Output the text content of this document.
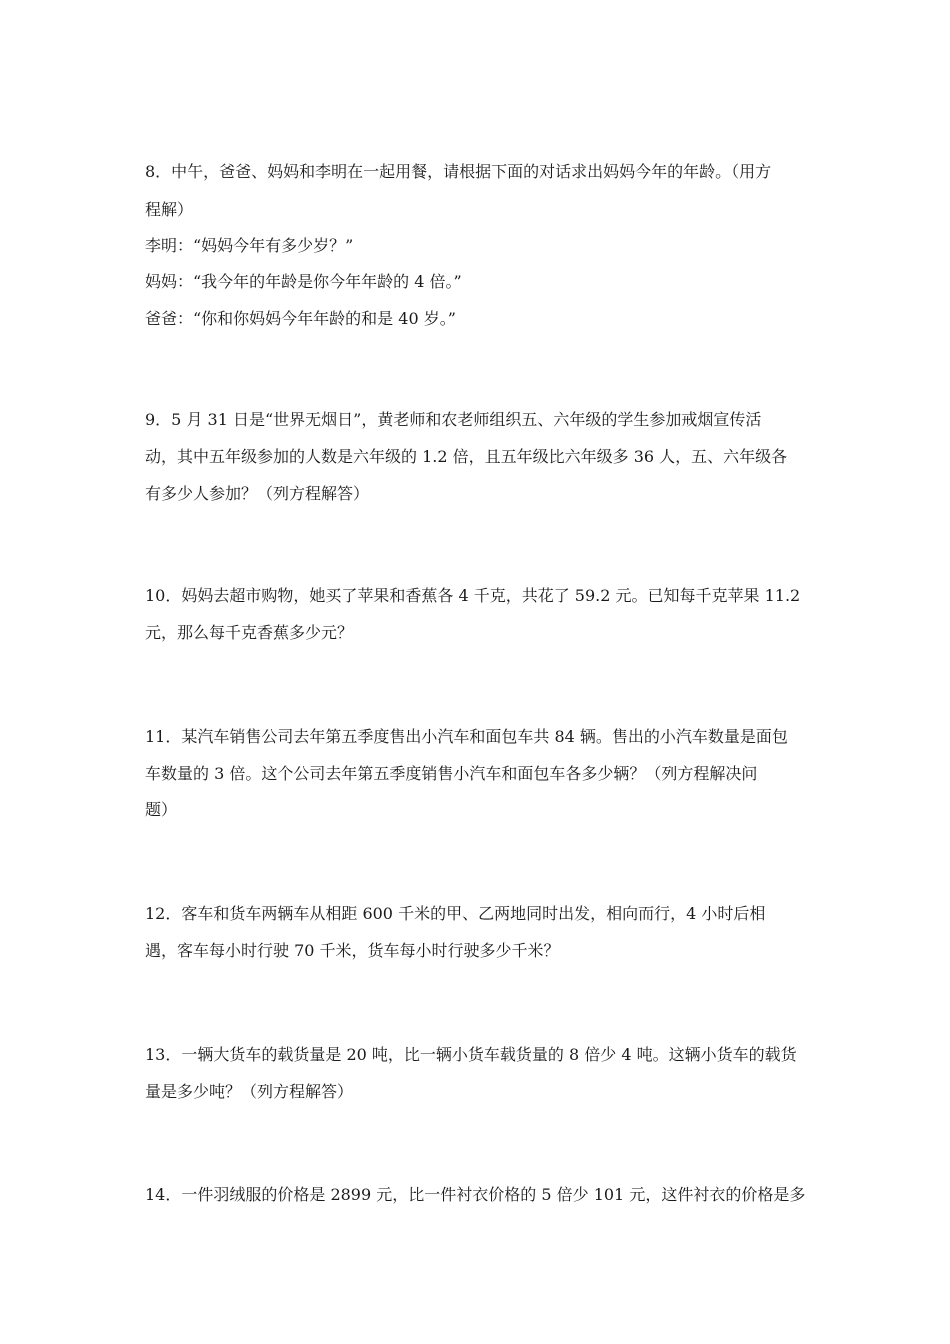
8．中午，爸爸、妈妈和李明在一起用餐，请根据下面的对话求出妈妈今年的年龄。（用方
程解）
李明：“妈妈今年有多少岁？”
妈妈：“我今年的年龄是你今年年龄的 4 倍。”
爸爸：“你和你妈妈今年年龄的和是 40 岁。”
9．5 月 31 日是“世界无烟日”，黄老师和农老师组织五、六年级的学生参加戒烟宣传活
动，其中五年级参加的人数是六年级的 1.2 倍，且五年级比六年级多 36 人，五、六年级各
有多少人参加？（列方程解答）
10．妈妈去超市购物，她买了苹果和香蕉各 4 千克，共花了 59.2 元。已知每千克苹果 11.2
元，那么每千克香蕉多少元？
11．某汽车销售公司去年第五季度售出小汽车和面包车共 84 辆。售出的小汽车数量是面包
车数量的 3 倍。这个公司去年第五季度销售小汽车和面包车各多少辆？（列方程解决问
题）
12．客车和货车两辆车从相距 600 千米的甲、乙两地同时出发，相向而行，4 小时后相
遇，客车每小时行驶 70 千米，货车每小时行驶多少千米？
13．一辆大货车的载货量是 20 吨，比一辆小货车载货量的 8 倍少 4 吨。这辆小货车的载货
量是多少吨？（列方程解答）
14．一件羽绒服的价格是 2899 元，比一件衬衣价格的 5 倍少 101 元，这件衬衣的价格是多
